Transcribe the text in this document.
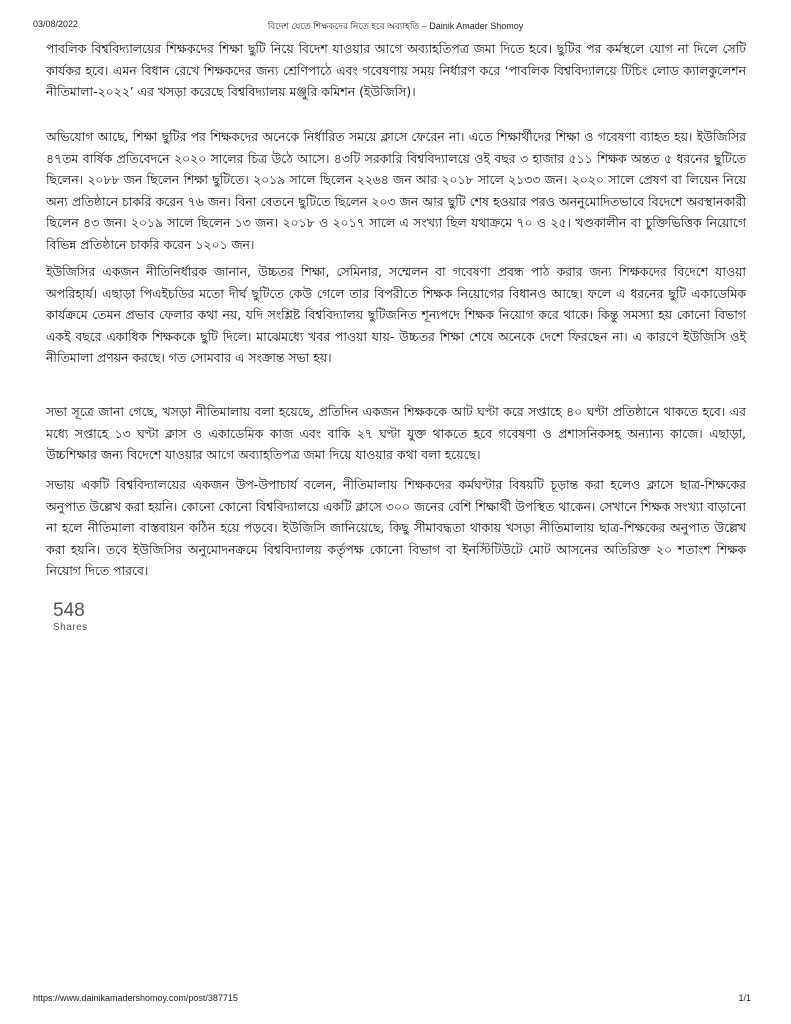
03/08/2022	বিদেশ যেতে শিক্ষকদের নিতে হবে অব্যাহতি – Dainik Amader Shomoy

পাবলিক বিশ্ববিদ্যালয়ের শিক্ষকদের শিক্ষা ছুটি নিয়ে বিদেশ যাওয়ার আগে অব্যাহতিপত্র জমা দিতে হবে। ছুটির পর কর্মস্থলে যোগ না দিলে সেটি কার্যকর হবে। এমন বিধান রেখে শিক্ষকদের জন্য শ্রেণিপাঠে এবং গবেষণায় সময় নির্ধারণ করে ‘পাবলিক বিশ্ববিদ্যালয়ে টিচিং লোড ক্যালকুলেশন নীতিমালা-২০২২’ এর খসড়া করেছে বিশ্ববিদ্যালয় মঞ্জুরি কমিশন (ইউজিসি)।

অভিযোগ আছে, শিক্ষা ছুটির পর শিক্ষকদের অনেকে নির্ধারিত সময়ে ক্লাসে ফেরেন না। এতে শিক্ষার্থীদের শিক্ষা ও গবেষণা ব্যাহত হয়। ইউজিসির ৪৭তম বার্ষিক প্রতিবেদনে ২০২০ সালের চিত্র উঠে আসে। ৪৩টি সরকারি বিশ্ববিদ্যালয়ে ওই বছর ৩ হাজার ৫১১ শিক্ষক অন্তত ৫ ধরনের ছুটিতে ছিলেন। ২০৮৮ জন ছিলেন শিক্ষা ছুটিতে। ২০১৯ সালে ছিলেন ২২৬৪ জন আর ২০১৮ সালে ২১৩৩ জন। ২০২০ সালে প্রেষণ বা লিয়েন নিয়ে অন্য প্রতিষ্ঠানে চাকরি করেন ৭৬ জন। বিনা বেতনে ছুটিতে ছিলেন ২০৩ জন আর ছুটি শেষ হওয়ার পরও অননুমোদিতভাবে বিদেশে অবস্থানকারী ছিলেন ৪৩ জন। ২০১৯ সালে ছিলেন ১৩ জন। ২০১৮ ও ২০১৭ সালে এ সংখ্যা ছিল যথাক্রমে ৭০ ও ২৫। খণ্ডকালীন বা চুক্তিভিত্তিক নিয়োগে বিভিন্ন প্রতিষ্ঠানে চাকরি করেন ১২০১ জন।

ইউজিসির একজন নীতিনির্ধারক জানান, উচ্চতর শিক্ষা, সেমিনার, সম্মেলন বা গবেষণা প্রবন্ধ পাঠ করার জন্য শিক্ষকদের বিদেশে যাওয়া অপরিহার্য। এছাড়া পিএইচডির মতো দীর্ঘ ছুটিতে কেউ গেলে তার বিপরীতে শিক্ষক নিয়োগের বিধানও আছে। ফলে এ ধরনের ছুটি একাডেমিক কার্যক্রমে তেমন প্রভাব ফেলার কথা নয়, যদি সংশ্লিষ্ট বিশ্ববিদ্যালয় ছুটিজনিত শূন্যপদে শিক্ষক নিয়োগ করে থাকে। কিন্তু সমস্যা হয় কোনো বিভাগ একই বছরে একাধিক শিক্ষককে ছুটি দিলে। মাঝেমধ্যে খবর পাওয়া যায়- উচ্চতর শিক্ষা শেষে অনেকে দেশে ফিরছেন না। এ কারণে ইউজিসি ওই নীতিমালা প্রণয়ন করছে। গত সোমবার এ সংক্রান্ত সভা হয়।

সভা সূত্রে জানা গেছে, খসড়া নীতিমালায় বলা হয়েছে, প্রতিদিন একজন শিক্ষককে আট ঘণ্টা করে সপ্তাহে ৪০ ঘণ্টা প্রতিষ্ঠানে থাকতে হবে। এর মধ্যে সপ্তাহে ১৩ ঘণ্টা ক্লাস ও একাডেমিক কাজ এবং বাকি ২৭ ঘণ্টা যুক্ত থাকতে হবে গবেষণা ও প্রশাসনিকসহ অন্যান্য কাজে। এছাড়া, উচ্চশিক্ষার জন্য বিদেশে যাওয়ার আগে অব্যাহতিপত্র জমা দিয়ে যাওয়ার কথা বলা হয়েছে।

সভায় একটি বিশ্ববিদ্যালয়ের একজন উপ-উপাচার্য বলেন, নীতিমালায় শিক্ষকদের কর্মঘণ্টার বিষয়টি চূড়ান্ত করা হলেও ক্লাসে ছাত্র-শিক্ষকের অনুপাত উল্লেখ করা হয়নি। কোনো কোনো বিশ্ববিদ্যালয়ে একটি ক্লাসে ৩০০ জনের বেশি শিক্ষার্থী উপস্থিত থাকেন। সেখানে শিক্ষক সংখ্যা বাড়ানো না হলে নীতিমালা বাস্তবায়ন কঠিন হয়ে পড়বে। ইউজিসি জানিয়েছে, কিছু সীমাবদ্ধতা থাকায় খসড়া নীতিমালায় ছাত্র-শিক্ষকের অনুপাত উল্লেখ করা হয়নি। তবে ইউজিসির অনুমোদনক্রমে বিশ্ববিদ্যালয় কর্তৃপক্ষ কোনো বিভাগ বা ইনস্টিটিউটে মোট আসনের অতিরিক্ত ২০ শতাংশ শিক্ষক নিয়োগ দিতে পারবে।

548
Shares
https://www.dainikamadershomoy.com/post/387715	1/1
